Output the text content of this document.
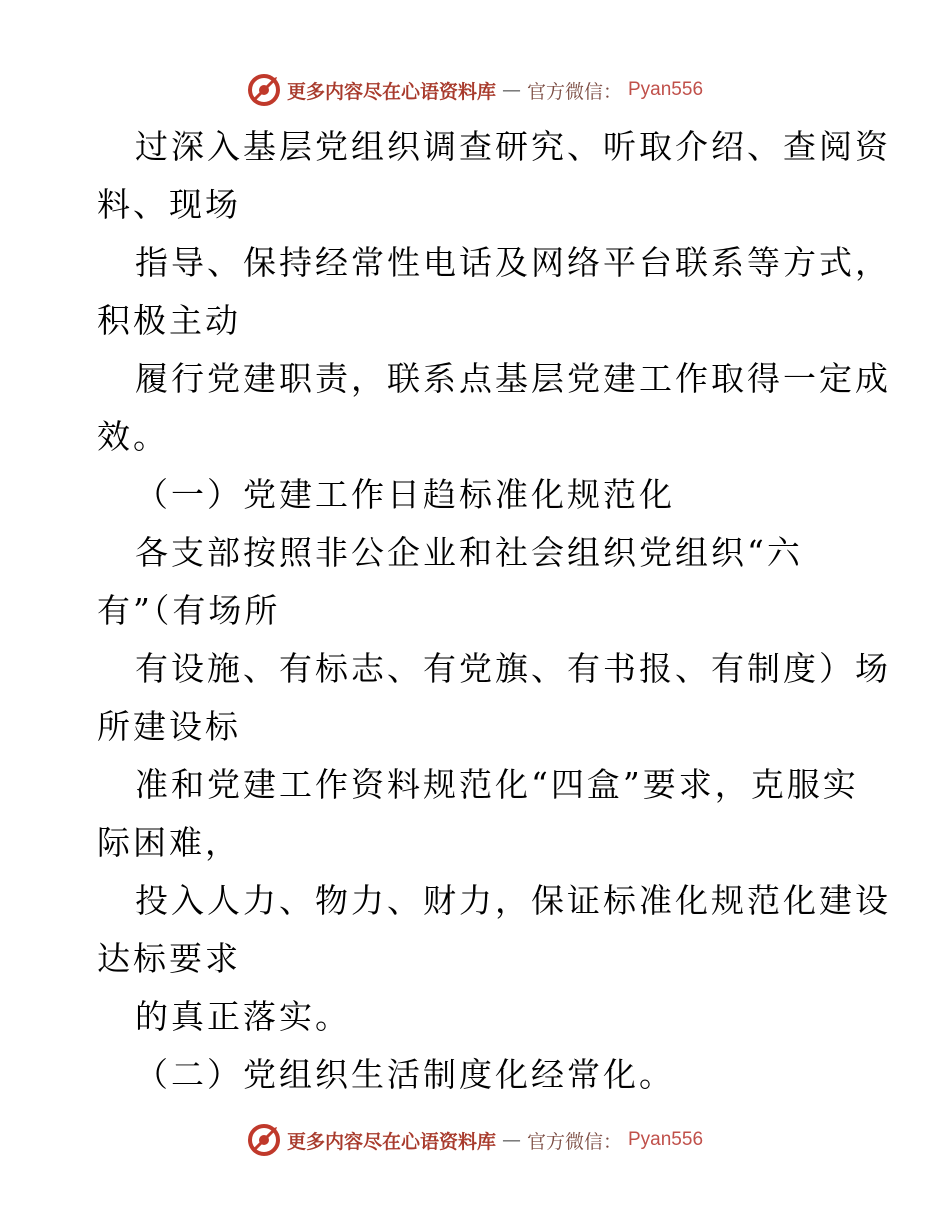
更多内容尽在心语资料库 — 官方微信： Pyan556
过深入基层党组织调查研究、听取介绍、查阅资
料、现场
指导、保持经常性电话及网络平台联系等方式，
积极主动
履行党建职责，联系点基层党建工作取得一定成
效。
（一）党建工作日趋标准化规范化
各支部按照非公企业和社会组织党组织“六
有”（有场所
有设施、有标志、有党旗、有书报、有制度）场
所建设标
准和党建工作资料规范化“四盒”要求，克服实
际困难，
投入人力、物力、财力，保证标准化规范化建设
达标要求
的真正落实。
（二）党组织生活制度化经常化。
更多内容尽在心语资料库 — 官方微信： Pyan556
